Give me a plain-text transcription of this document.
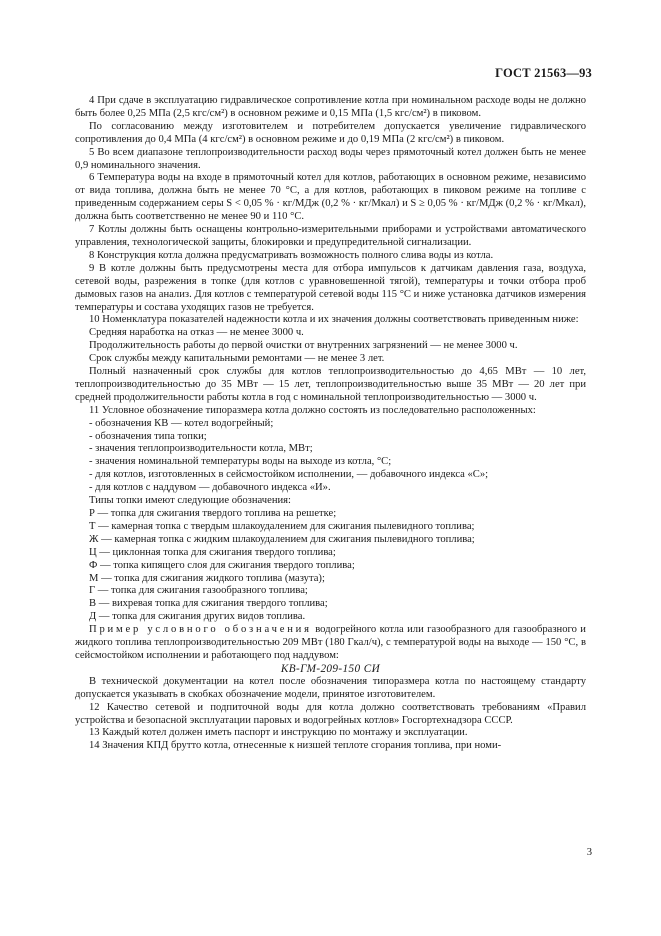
ГОСТ 21563—93

4 При сдаче в эксплуатацию гидравлическое сопротивление котла при номинальном расходе воды не должно быть более 0,25 МПа (2,5 кгс/см²) в основном режиме и 0,15 МПа (1,5 кгс/см²) в пиковом.

По согласованию между изготовителем и потребителем допускается увеличение гидравлического сопротивления до 0,4 МПа (4 кгс/см²) в основном режиме и до 0,19 МПа (2 кгс/см²) в пиковом.

5 Во всем диапазоне теплопроизводительности расход воды через прямоточный котел должен быть не менее 0,9 номинального значения.

6 Температура воды на входе в прямоточный котел для котлов, работающих в основном режиме, независимо от вида топлива, должна быть не менее 70 °С, а для котлов, работающих в пиковом режиме на топливе с приведенным содержанием серы S < 0,05 % · кг/МДж (0,2 % · кг/Мкал) и S ≥ 0,05 % · кг/МДж (0,2 % · кг/Мкал), должна быть соответственно не менее 90 и 110 °С.

7 Котлы должны быть оснащены контрольно-измерительными приборами и устройствами автоматического управления, технологической защиты, блокировки и предупредительной сигнализации.

8 Конструкция котла должна предусматривать возможность полного слива воды из котла.

9 В котле должны быть предусмотрены места для отбора импульсов к датчикам давления газа, воздуха, сетевой воды, разрежения в топке (для котлов с уравновешенной тягой), температуры и точки отбора проб дымовых газов на анализ. Для котлов с температурой сетевой воды 115 °С и ниже установка датчиков измерения температуры и состава уходящих газов не требуется.

10 Номенклатура показателей надежности котла и их значения должны соответствовать приведенным ниже:

Средняя наработка на отказ — не менее 3000 ч.

Продолжительность работы до первой очистки от внутренних загрязнений — не менее 3000 ч.

Срок службы между капитальными ремонтами — не менее 3 лет.

Полный назначенный срок службы для котлов теплопроизводительностью до 4,65 МВт — 10 лет, теплопроизводительностью до 35 МВт — 15 лет, теплопроизводительностью выше 35 МВт — 20 лет при средней продолжительности работы котла в год с номинальной теплопроизводительностью — 3000 ч.

11 Условное обозначение типоразмера котла должно состоять из последовательно расположенных:

- обозначения КВ — котел водогрейный;

- обозначения типа топки;

- значения теплопроизводительности котла, МВт;

- значения номинальной температуры воды на выходе из котла, °С;

- для котлов, изготовленных в сейсмостойком исполнении, — добавочного индекса «С»;

- для котлов с наддувом — добавочного индекса «И».

Типы топки имеют следующие обозначения:

Р — топка для сжигания твердого топлива на решетке;

Т — камерная топка с твердым шлакоудалением для сжигания пылевидного топлива;

Ж — камерная топка с жидким шлакоудалением для сжигания пылевидного топлива;

Ц — циклонная топка для сжигания твердого топлива;

Ф — топка кипящего слоя для сжигания твердого топлива;

М — топка для сжигания жидкого топлива (мазута);

Г — топка для сжигания газообразного топлива;

В — вихревая топка для сжигания твердого топлива;

Д — топка для сжигания других видов топлива.

Пример условного обозначения водогрейного котла или газообразного для газообразного и жидкого топлива теплопроизводительностью 209 МВт (180 Гкал/ч), с температурой воды на выходе — 150 °С, в сейсмостойком исполнении и работающего под наддувом:

КВ-ГМ-209-150 СИ

В технической документации на котел после обозначения типоразмера котла по настоящему стандарту допускается указывать в скобках обозначение модели, принятое изготовителем.

12 Качество сетевой и подпиточной воды для котла должно соответствовать требованиям «Правил устройства и безопасной эксплуатации паровых и водогрейных котлов» Госгортехнадзора СССР.

13 Каждый котел должен иметь паспорт и инструкцию по монтажу и эксплуатации.

14 Значения КПД брутто котла, отнесенные к низшей теплоте сгорания топлива, при номи-

3
